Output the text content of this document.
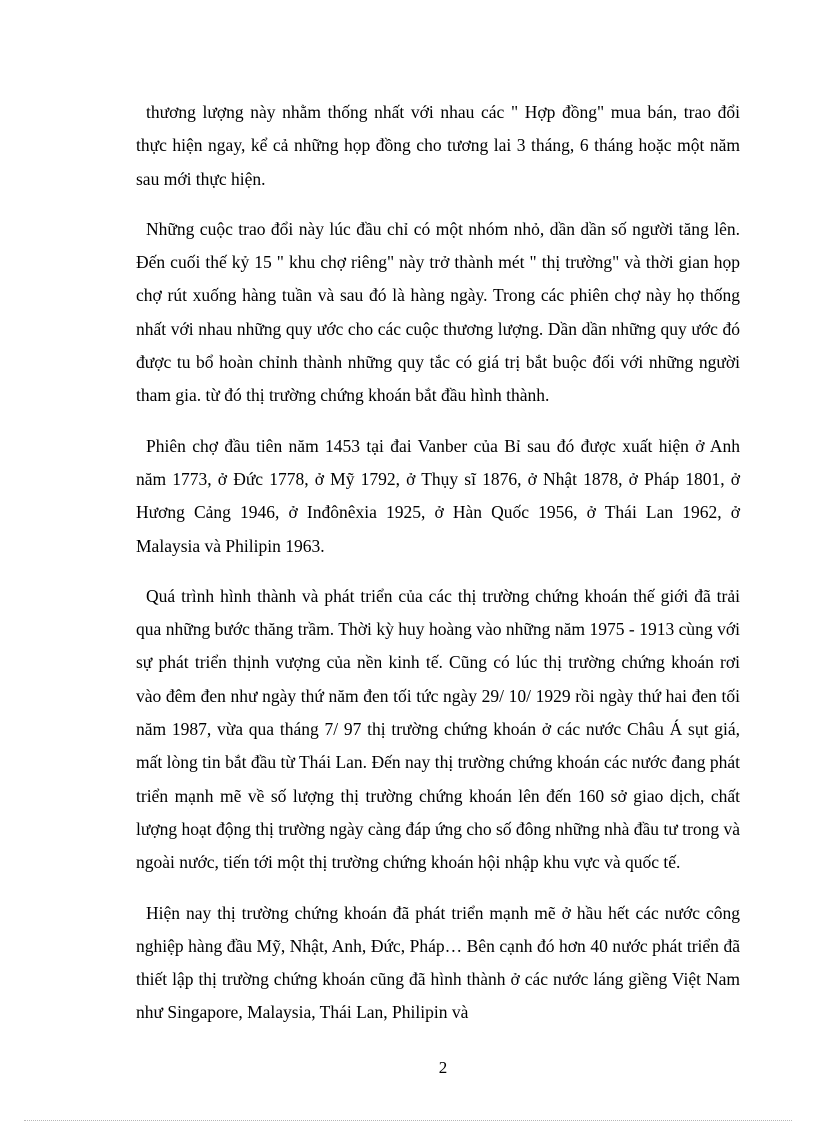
thương lượng này nhằm thống nhất với nhau các " Hợp đồng" mua bán, trao đổi thực hiện ngay, kể cả những họp đồng cho tương lai 3 tháng, 6 tháng hoặc một năm sau mới thực hiện.

Những cuộc trao đổi này lúc đầu chỉ có một nhóm nhỏ, dần dần số người tăng lên. Đến cuối thế kỷ 15 " khu chợ riêng" này trở thành mét " thị trường" và thời gian họp chợ rút xuống hàng tuần và sau đó là hàng ngày. Trong các phiên chợ này họ thống nhất với nhau những quy ước cho các cuộc thương lượng. Dần dần những quy ước đó được tu bổ hoàn chỉnh thành những quy tắc có giá trị bắt buộc đối với những người tham gia. từ đó thị trường chứng khoán bắt đầu hình thành.

Phiên chợ đầu tiên năm 1453 tại đai Vanber của Bỉ sau đó được xuất hiện ở Anh năm 1773, ở Đức 1778, ở Mỹ 1792, ở Thụy sĩ 1876, ở Nhật 1878, ở Pháp 1801, ở Hương Cảng 1946, ở Inđônêxia 1925, ở Hàn Quốc 1956, ở Thái Lan 1962, ở Malaysia và Philipin 1963.

Quá trình hình thành và phát triển của các thị trường chứng khoán thế giới đã trải qua những bước thăng trầm. Thời kỳ huy hoàng vào những năm 1975 - 1913 cùng với sự phát triển thịnh vượng của nền kinh tế. Cũng có lúc thị trường chứng khoán rơi vào đêm đen như ngày thứ năm đen tối tức ngày 29/ 10/ 1929 rồi ngày thứ hai đen tối năm 1987, vừa qua tháng 7/ 97 thị trường chứng khoán ở các nước Châu Á sụt giá, mất lòng tin bắt đầu từ Thái Lan. Đến nay thị trường chứng khoán các nước đang phát triển mạnh mẽ về số lượng thị trường chứng khoán lên đến 160 sở giao dịch, chất lượng hoạt động thị trường ngày càng đáp ứng cho số đông những nhà đầu tư trong và ngoài nước, tiến tới một thị trường chứng khoán hội nhập khu vực và quốc tế.

Hiện nay thị trường chứng khoán đã phát triển mạnh mẽ ở hầu hết các nước công nghiệp hàng đầu Mỹ, Nhật, Anh, Đức, Pháp… Bên cạnh đó hơn 40 nước phát triển đã thiết lập thị trường chứng khoán cũng đã hình thành ở các nước láng giềng Việt Nam như Singapore, Malaysia, Thái Lan, Philipin và

2
